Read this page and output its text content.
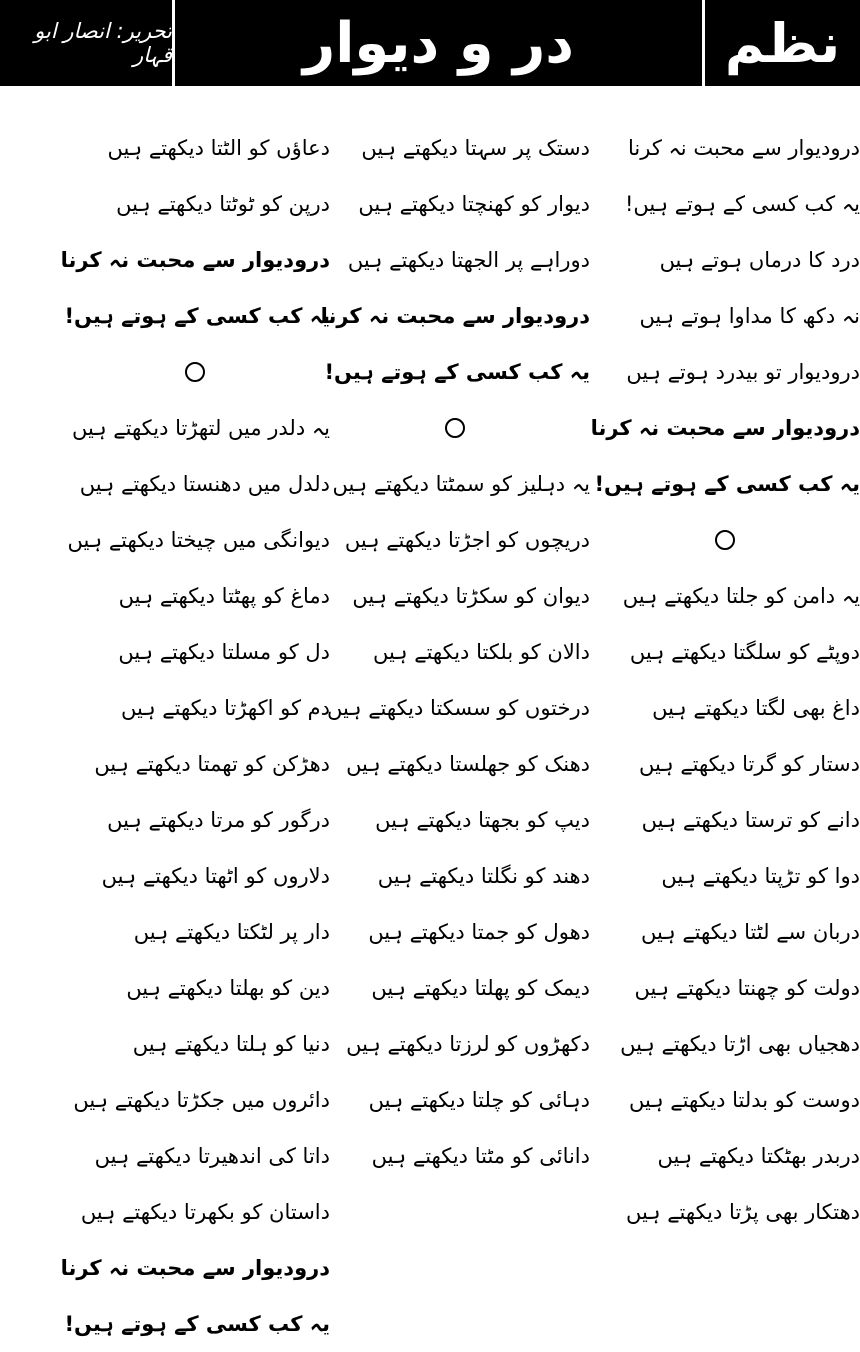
نظم
در و دیوار
تحریر: انصار ابو قہار
درودیوار سے محبت نہ کرنا
یہ کب کسی کے ہوتے ہیں!
درد کا درماں ہوتے ہیں
نہ دکھ کا مداوا ہوتے ہیں
درودیوار تو بیدرد ہوتے ہیں
درودیوار سے محبت نہ کرنا
یہ کب کسی کے ہوتے ہیں!
یہ دامن کو جلتا دیکھتے ہیں
دوپٹے کو سلگتا دیکھتے ہیں
داغ بھی لگتا دیکھتے ہیں
دستار کو گرتا دیکھتے ہیں
دانے کو ترستا دیکھتے ہیں
دوا کو تڑپتا دیکھتے ہیں
دربان سے لٹتا دیکھتے ہیں
دولت کو چھنتا دیکھتے ہیں
دھجیاں بھی اڑتا دیکھتے ہیں
دوست کو بدلتا دیکھتے ہیں
دربدر بھٹکتا دیکھتے ہیں
دھتکار بھی پڑتا دیکھتے ہیں
دستک پر سہتا دیکھتے ہیں
دیوار کو کھنچتا دیکھتے ہیں
دوراہے پر الجھتا دیکھتے ہیں
درودیوار سے محبت نہ کرنا
یہ کب کسی کے ہوتے ہیں!
یہ دہلیز کو سمٹتا دیکھتے ہیں
دریچوں کو اجڑتا دیکھتے ہیں
دیوان کو سکڑتا دیکھتے ہیں
دالان کو بلکتا دیکھتے ہیں
درختوں کو سسکتا دیکھتے ہیں
دھنک کو جھلستا دیکھتے ہیں
دیپ کو بجھتا دیکھتے ہیں
دھند کو نگلتا دیکھتے ہیں
دھول کو جمتا دیکھتے ہیں
دیمک کو پھلتا دیکھتے ہیں
دکھڑوں کو لرزتا دیکھتے ہیں
دہائی کو چلتا دیکھتے ہیں
دانائی کو مٹتا دیکھتے ہیں
دعاؤں کو الٹتا دیکھتے ہیں
درپن کو ٹوٹتا دیکھتے ہیں
درودیوار سے محبت نہ کرنا
یہ کب کسی کے ہوتے ہیں!
یہ دلدر میں لتھڑتا دیکھتے ہیں
دلدل میں دھنستا دیکھتے ہیں
دیوانگی میں چیختا دیکھتے ہیں
دماغ کو پھٹتا دیکھتے ہیں
دل کو مسلتا دیکھتے ہیں
دم کو اکھڑتا دیکھتے ہیں
دھڑکن کو تھمتا دیکھتے ہیں
درگور کو مرتا دیکھتے ہیں
دلاروں کو اٹھتا دیکھتے ہیں
دار پر لٹکتا دیکھتے ہیں
دین کو بھلتا دیکھتے ہیں
دنیا کو ہلتا دیکھتے ہیں
دائروں میں جکڑتا دیکھتے ہیں
داتا کی اندھیرتا دیکھتے ہیں
داستان کو بکھرتا دیکھتے ہیں
درودیوار سے محبت نہ کرنا
یہ کب کسی کے ہوتے ہیں!
